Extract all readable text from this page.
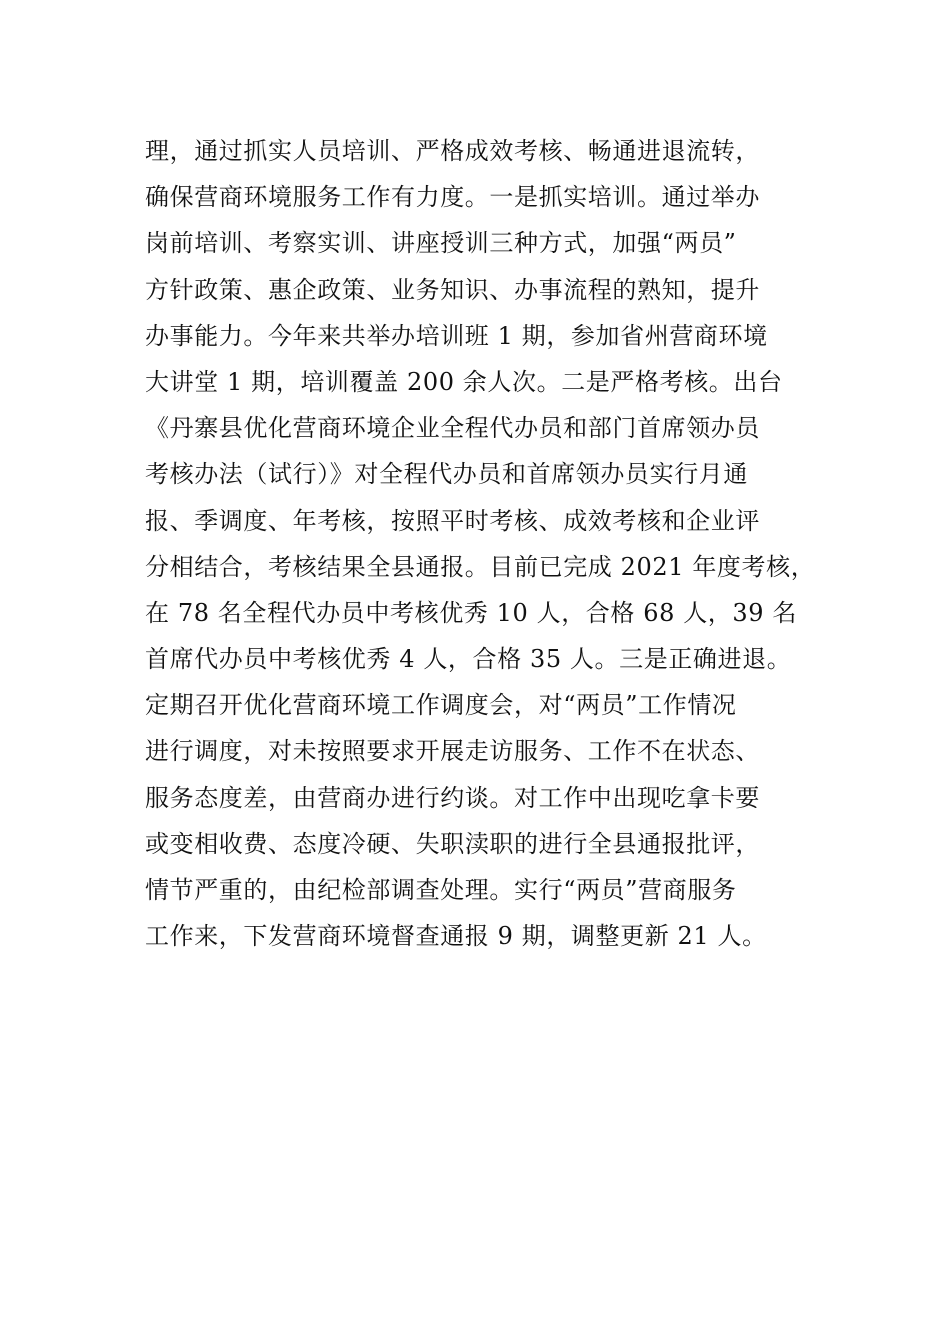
理，通过抓实人员培训、严格成效考核、畅通进退流转，
确保营商环境服务工作有力度。一是抓实培训。通过举办
岗前培训、考察实训、讲座授训三种方式，加强“两员”
方针政策、惠企政策、业务知识、办事流程的熟知，提升
办事能力。今年来共举办培训班 1 期，参加省州营商环境
大讲堂 1 期，培训覆盖 200 余人次。二是严格考核。出台
《丹寨县优化营商环境企业全程代办员和部门首席领办员
考核办法（试行）》对全程代办员和首席领办员实行月通
报、季调度、年考核，按照平时考核、成效考核和企业评
分相结合，考核结果全县通报。目前已完成 2021 年度考核，
在 78 名全程代办员中考核优秀 10 人，合格 68 人，39 名
首席代办员中考核优秀 4 人，合格 35 人。三是正确进退。
定期召开优化营商环境工作调度会，对“两员”工作情况
进行调度，对未按照要求开展走访服务、工作不在状态、
服务态度差，由营商办进行约谈。对工作中出现吃拿卡要
或变相收费、态度冷硬、失职渎职的进行全县通报批评，
情节严重的，由纪检部调查处理。实行“两员”营商服务
工作来，下发营商环境督查通报 9 期，调整更新 21 人。
